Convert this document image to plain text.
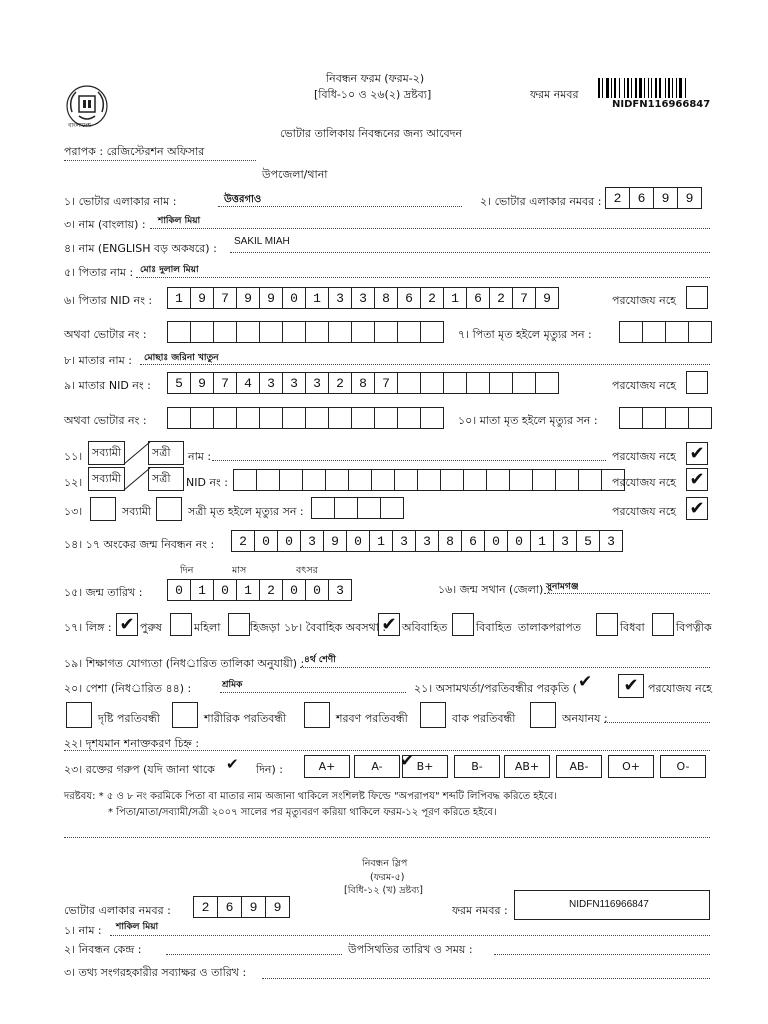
বাংলাদেশ
নিবন্ধন ফরম (ফরম-২)
[বিধি-১০ ও ২৬(২) দ্রষ্টব্য]	ফরম নমবর
NIDFN116966847
ভোটার তালিকায় নিবন্ধনের জন্য আবেদন
পরাপক : রেজিস্টেরশন অফিসার
উপজেলা/থানা
১। ভোটার এলাকার নাম :	উত্তরগাও	২। ভোটার এলাকার নমবর : 2	6	9	9
৩। নাম (বাংলায়) : শাকিল মিয়া
৪। নাম (ENGLISH বড় অকষরে) :
SAKIL MIAH
৫। পিতার নাম : মোঃ দুলাল মিয়া
৬। পিতার NID নং :	1	9	7	9	9	0	1	3	3	8	6	2	1	6	2	7	9	পরযোজয নহে
অথবা ভোটার নং :	৭। পিতা মৃত হইলে মৃত্যুর সন :
৮। মাতার নাম : মোছাঃ জরিনা খাতুন
৯। মাতার NID নং :	5	9	7	4	3	3	3	2	8	7	পরযোজয নহে
অথবা ভোটার নং :	১০। মাতা মৃত হইলে মৃত্যুর সন :
১১। সব্যামী	সত্রী নাম :	পরযোজয নহে ✔
১২। সব্যামী	সত্রী NID নং :	পরযোজয নহে ✔
১৩।	সব্যামী	সত্রী মৃত হইলে মৃত্যুর সন :	পরযোজয নহে ✔
১৪। ১৭ অংকের জন্ম নিবন্ধন নং :	2	0	0	3	9	0	1	3	3	8	6	0	0	1	3	5	3
দিন	মাস	বৎসর
১৫। জন্ম তারিখ :	0	1	0	1	2	0	0	3	১৬। জন্ম সথান (জেলা) :
সুনামগঞ্জ
১৭। লিঙ্গ : ✔ পুরুষ	মহিলা	হিজড়া ১৮। বৈবাহিক অবসথা :
✔ অবিবাহিত	বিবাহিত তালাকপরাপত	বিধবা	বিপত্নীক
১৯। শিক্ষাগত যোগ্যতা (নিধর্ারিত তালিকা অনুযায়ী) : ৪র্থ শেণী
২০। পেশা (নিধর্ারিত ৪৪) :	শ্রমিক	২১। অসামথর্তা/পরতিবন্ধীর পরকৃতি ( ✔	✔ পরযোজয নহে
দৃষ্টি পরতিবন্ধী	শারীরিক পরতিবন্ধী	শরবণ পরতিবন্ধী	বাক পরতিবন্ধী	অনযানয :
২২। দৃশযমান শনাক্তকরণ চিহ্ন :
২৩। রক্তের গরুপ (যদি জানা থাকে ✔ দিন) :	A+	A-	B+	B-	AB+	AB-	O+	O-
✔
দরষ্টবয: * ৫ ও ৮ নং করমিকে পিতা বা মাতার নাম অজানা থাকিলে সংশিলষ্ট ফিল্ডে "অপরাপয" শব্দটি লিপিবদ্ধ করিতে হইবে।
* পিতা/মাতা/সব্যামী/সত্রী ২০০৭ সালের পর মৃত্যুবরণ করিয়া থাকিলে ফরম-১২ পূরণ করিতে হইবে।
নিবন্ধন স্লিপ
(ফরম-৫)
[বিধি-১২ (খ) দ্রষ্টব্য]
ভোটার এলাকার নমবর :	2	6	9	9	ফরম নমবর :	NIDFN116966847
১। নাম : শাকিল মিয়া
২। নিবন্ধন কেন্দ্র :	উপসিথতির তারিখ ও সময় :
৩। তথ্য সংগরহকারীর সব্যাক্ষর ও তারিখ :
